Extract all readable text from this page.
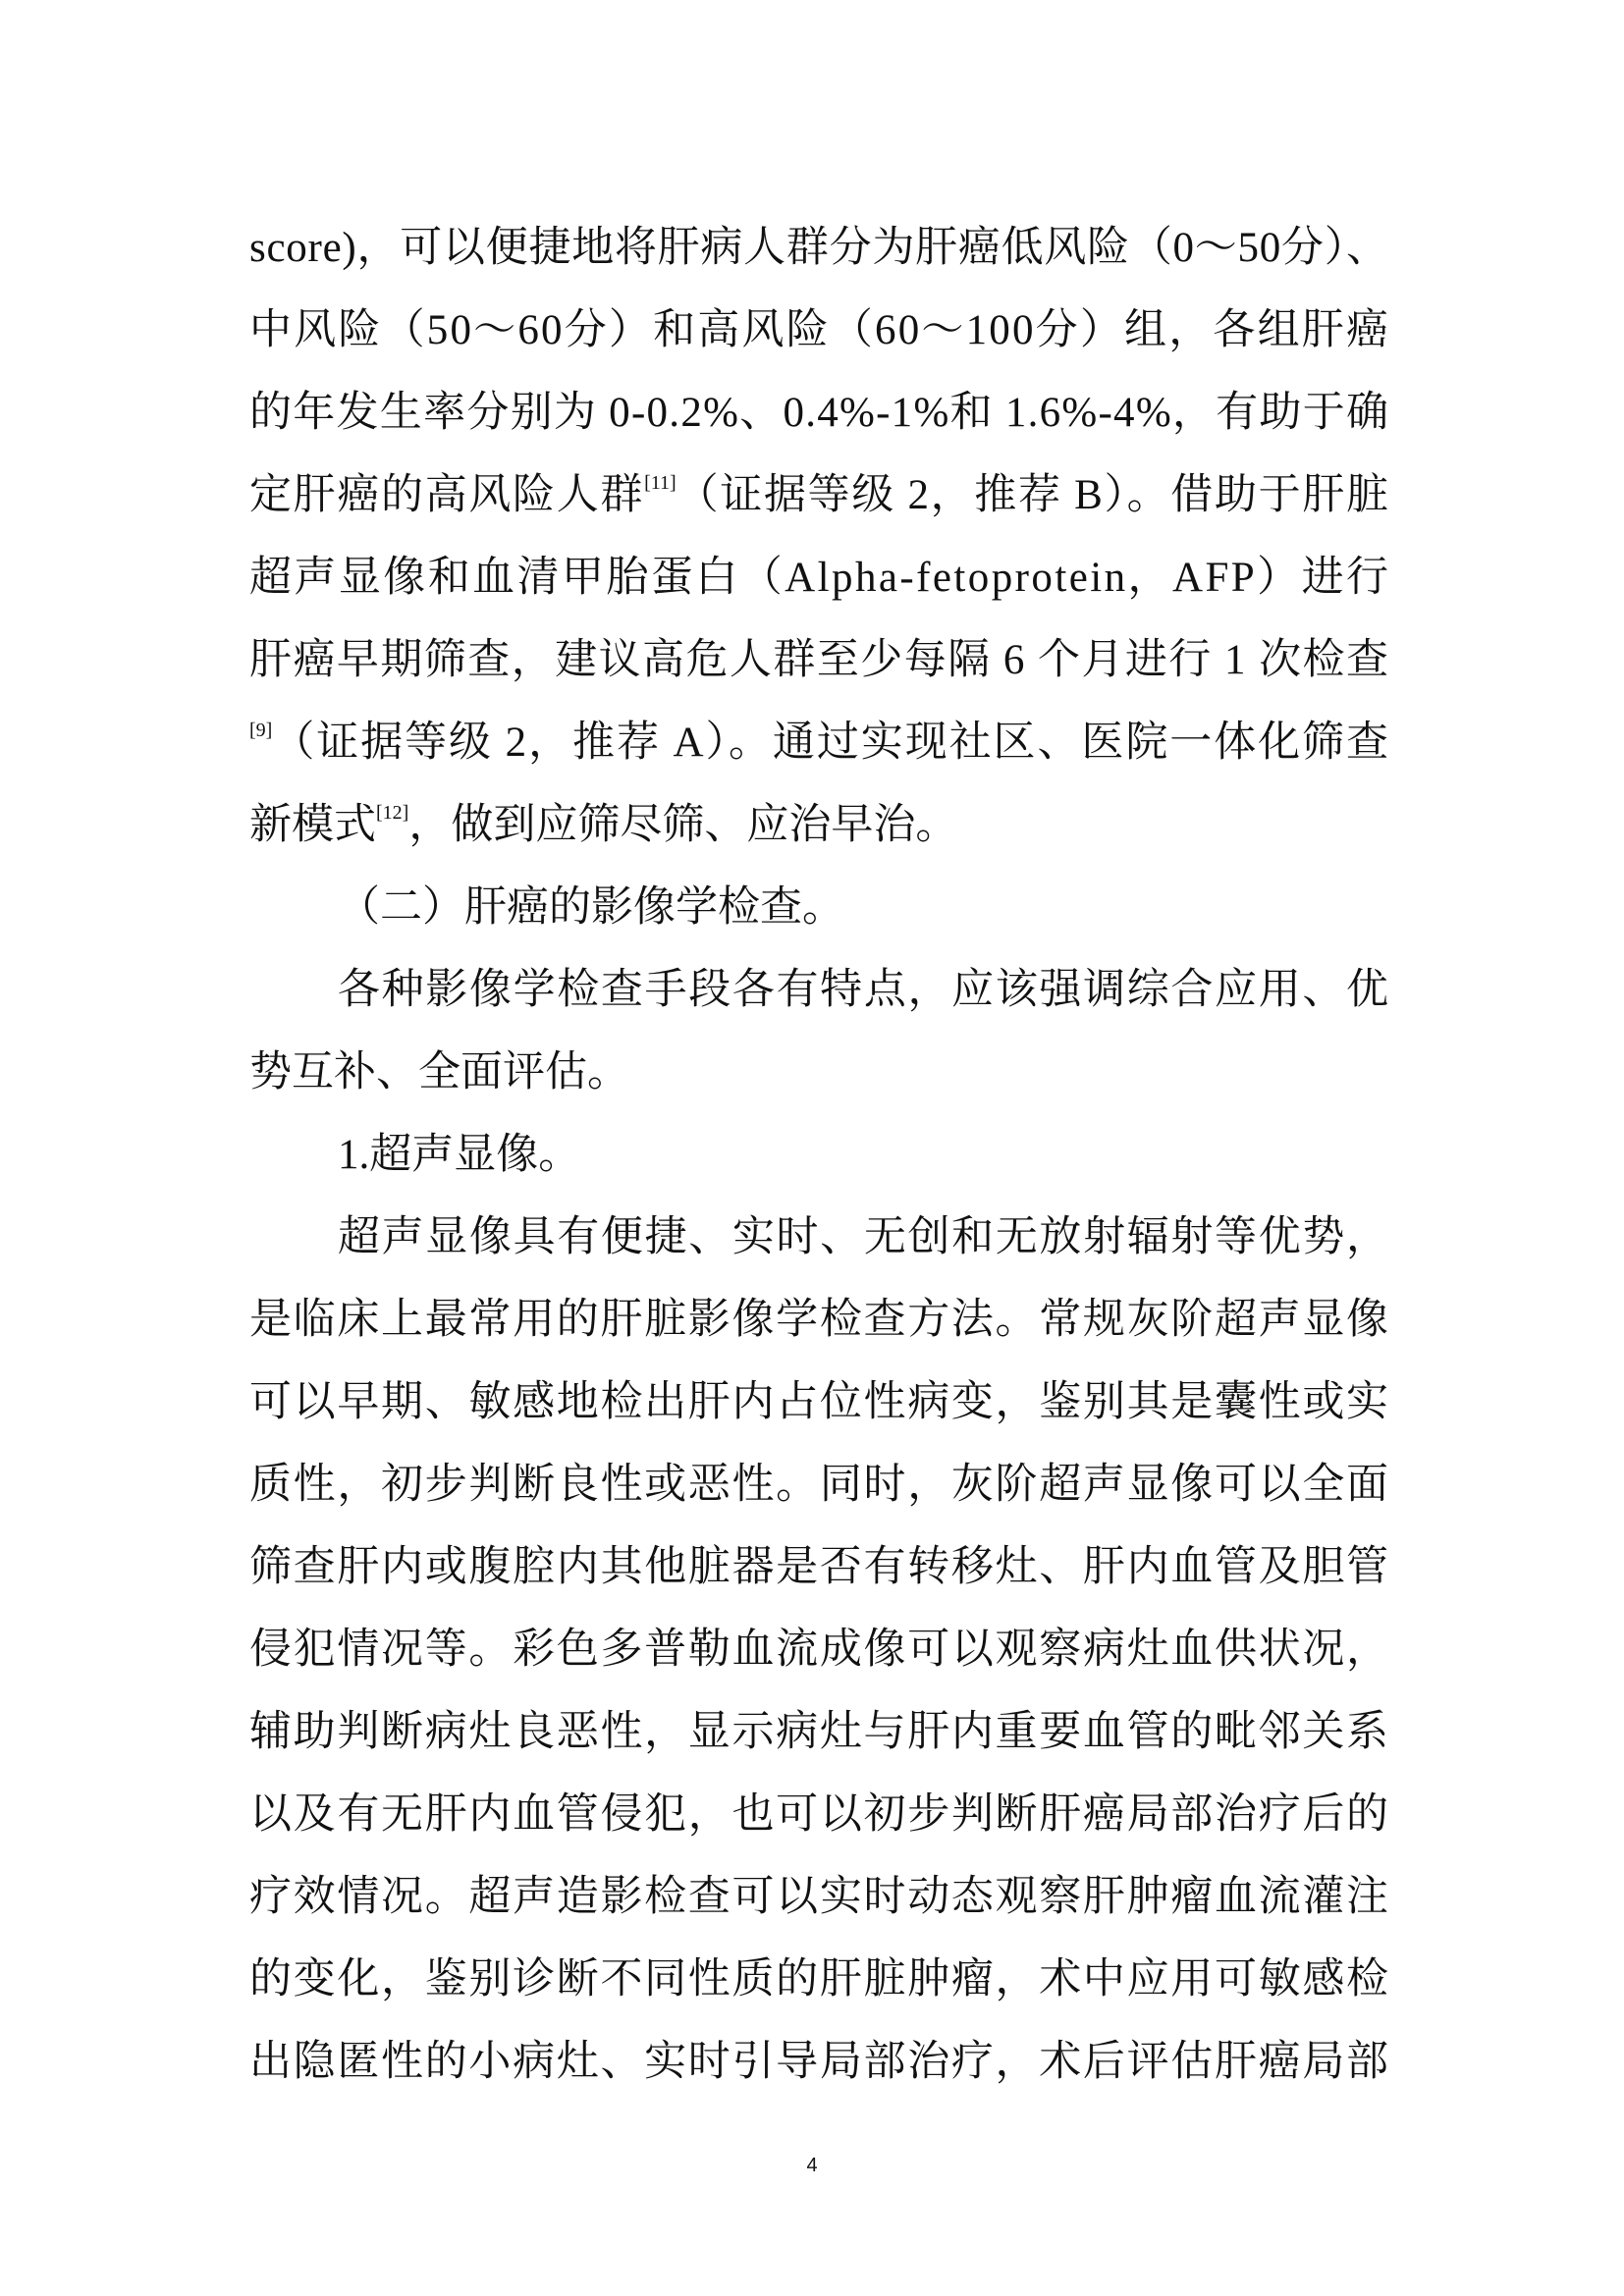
score)，可以便捷地将肝病人群分为肝癌低风险（0～50分）、
中风险（50～60分）和高风险（60～100分）组，各组肝癌
的年发生率分别为 0-0.2%、0.4%-1%和 1.6%-4%，有助于确
定肝癌的高风险人群[11]（证据等级 2，推荐 B）。借助于肝脏
超声显像和血清甲胎蛋白（Alpha-fetoprotein，AFP）进行
肝癌早期筛查，建议高危人群至少每隔 6 个月进行 1 次检查
[9]（证据等级 2，推荐 A）。通过实现社区、医院一体化筛查
新模式[12]，做到应筛尽筛、应治早治。
（二）肝癌的影像学检查。
各种影像学检查手段各有特点，应该强调综合应用、优
势互补、全面评估。
1.超声显像。
超声显像具有便捷、实时、无创和无放射辐射等优势，
是临床上最常用的肝脏影像学检查方法。常规灰阶超声显像
可以早期、敏感地检出肝内占位性病变，鉴别其是囊性或实
质性，初步判断良性或恶性。同时，灰阶超声显像可以全面
筛查肝内或腹腔内其他脏器是否有转移灶、肝内血管及胆管
侵犯情况等。彩色多普勒血流成像可以观察病灶血供状况，
辅助判断病灶良恶性，显示病灶与肝内重要血管的毗邻关系
以及有无肝内血管侵犯，也可以初步判断肝癌局部治疗后的
疗效情况。超声造影检查可以实时动态观察肝肿瘤血流灌注
的变化，鉴别诊断不同性质的肝脏肿瘤，术中应用可敏感检
出隐匿性的小病灶、实时引导局部治疗，术后评估肝癌局部
4
